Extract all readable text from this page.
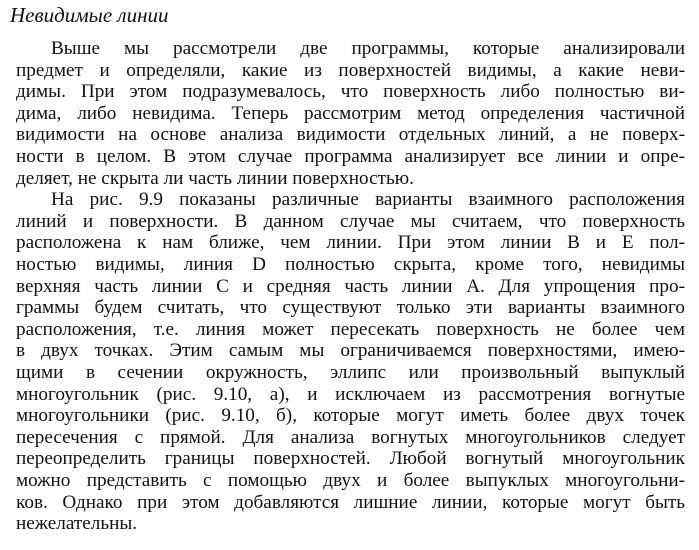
Невидимые линии
Выше мы рассмотрели две программы, которые анализировали
предмет и определяли, какие из поверхностей видимы, а какие неви-
димы. При этом подразумевалось, что поверхность либо полностью ви-
дима, либо невидима. Теперь рассмотрим метод определения частичной
видимости на основе анализа видимости отдельных линий, а не поверх-
ности в целом. В этом случае программа анализирует все линии и опре-
деляет, не скрыта ли часть линии поверхностью.
На рис. 9.9 показаны различные варианты взаимного расположения
линий и поверхности. В данном случае мы считаем, что поверхность
расположена к нам ближе, чем линии. При этом линии B и E пол-
ностью видимы, линия D полностью скрыта, кроме того, невидимы
верхняя часть линии C и средняя часть линии A. Для упрощения про-
граммы будем считать, что существуют только эти варианты взаимного
расположения, т.е. линия может пересекать поверхность не более чем
в двух точках. Этим самым мы ограничиваемся поверхностями, имею-
щими в сечении окружность, эллипс или произвольный выпуклый
многоугольник (рис. 9.10, а), и исключаем из рассмотрения вогнутые
многоугольники (рис. 9.10, б), которые могут иметь более двух точек
пересечения с прямой. Для анализа вогнутых многоугольников следует
переопределить границы поверхностей. Любой вогнутый многоугольник
можно представить с помощью двух и более выпуклых многоугольни-
ков. Однако при этом добавляются лишние линии, которые могут быть
нежелательны.
